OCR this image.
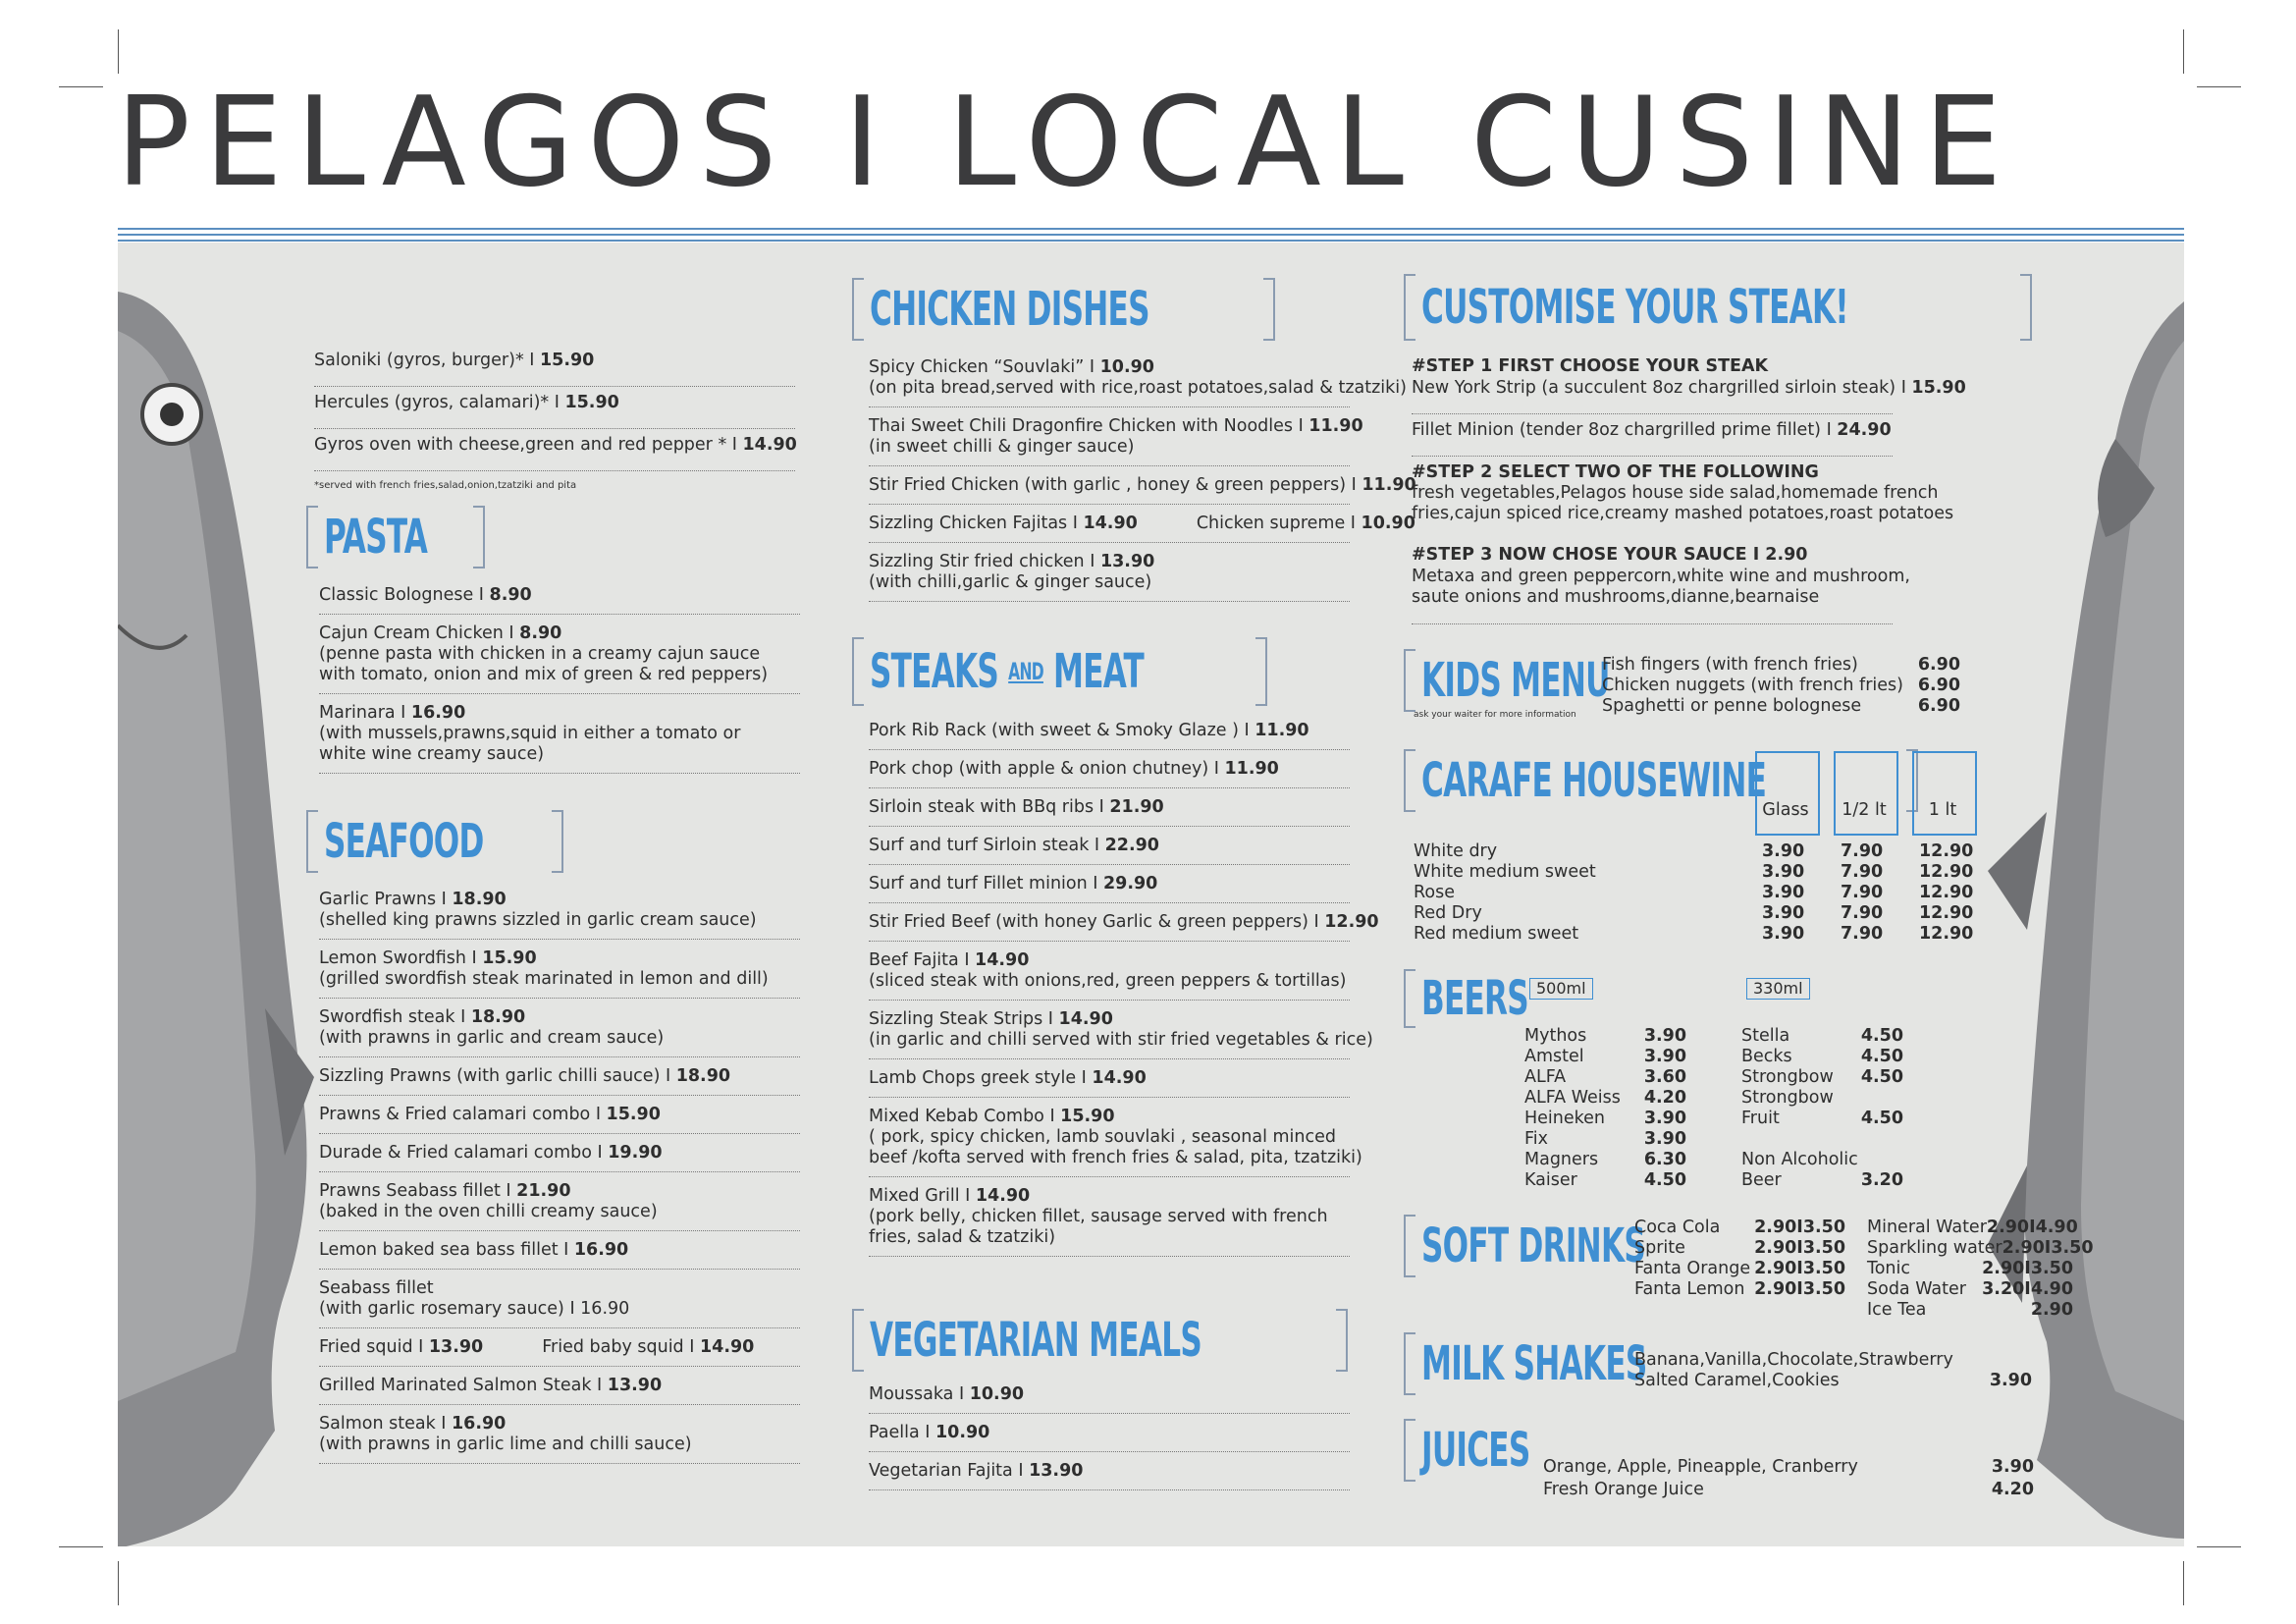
PELAGOS I LOCAL CUSINE
Saloniki (gyros, burger)* I 15.90
Hercules (gyros, calamari)* I 15.90
Gyros oven with cheese,green and red pepper * I 14.90
*served with french fries,salad,onion,tzatziki and pita
PASTA
Classic Bolognese I 8.90
Cajun Cream Chicken I 8.90
(penne pasta with chicken in a creamy cajun sauce
with tomato, onion and mix of green & red peppers)
Marinara I 16.90
(with mussels,prawns,squid in either a tomato or
white wine creamy sauce)
SEAFOOD
Garlic Prawns I 18.90
(shelled king prawns sizzled in garlic cream sauce)
Lemon Swordfish I 15.90
(grilled swordfish steak marinated in lemon and dill)
Swordfish steak I 18.90
(with prawns in garlic and cream sauce)
Sizzling Prawns (with garlic chilli sauce) I 18.90
Prawns & Fried calamari combo I 15.90
Durade & Fried calamari combo I 19.90
Prawns Seabass fillet I 21.90
(baked in the oven chilli creamy sauce)
Lemon baked sea bass fillet I 16.90
Seabass fillet
(with garlic rosemary sauce) I 16.90
Fried squid I 13.90	Fried baby squid I 14.90
Grilled Marinated Salmon Steak I 13.90
Salmon steak I 16.90
(with prawns in garlic lime and chilli sauce)
CHICKEN DISHES
Spicy Chicken “Souvlaki” I 10.90
(on pita bread,served with rice,roast potatoes,salad & tzatziki)
Thai Sweet Chili Dragonfire Chicken with Noodles I 11.90
(in sweet chilli & ginger sauce)
Stir Fried Chicken (with garlic , honey & green peppers) I 11.90
Sizzling Chicken Fajitas I 14.90	Chicken supreme I 10.90
Sizzling Stir fried chicken I 13.90
(with chilli,garlic & ginger sauce)
STEAKS AND MEAT
Pork Rib Rack (with sweet & Smoky Glaze ) I 11.90
Pork chop (with apple & onion chutney) I 11.90
Sirloin steak with BBq ribs I 21.90
Surf and turf Sirloin steak I 22.90
Surf and turf Fillet minion I 29.90
Stir Fried Beef (with honey Garlic & green peppers) I 12.90
Beef Fajita I 14.90
(sliced steak with onions,red, green peppers & tortillas)
Sizzling Steak Strips I 14.90
(in garlic and chilli served with stir fried vegetables & rice)
Lamb Chops greek style I 14.90
Mixed Kebab Combo I 15.90
( pork, spicy chicken, lamb souvlaki , seasonal minced
beef /kofta served with french fries & salad, pita, tzatziki)
Mixed Grill I 14.90
(pork belly, chicken fillet, sausage served with french
fries, salad & tzatziki)
VEGETARIAN MEALS
Moussaka I 10.90
Paella I 10.90
Vegetarian Fajita I 13.90
CUSTOMISE YOUR STEAK!
#STEP 1 FIRST CHOOSE YOUR STEAK
New York Strip (a succulent 8oz chargrilled sirloin steak) I 15.90
Fillet Minion (tender 8oz chargrilled prime fillet) I 24.90
#STEP 2 SELECT TWO OF THE FOLLOWING
fresh vegetables,Pelagos house side salad,homemade french
fries,cajun spiced rice,creamy mashed potatoes,roast potatoes
#STEP 3 NOW CHOSE YOUR SAUCE I 2.90
Metaxa and green peppercorn,white wine and mushroom,
saute onions and mushrooms,dianne,bearnaise
KIDS MENU
ask your waiter for more information
Fish fingers (with french fries)	6.90
Chicken nuggets (with french fries) 6.90
Spaghetti or penne bolognese	6.90
CARAFE HOUSEWINE
Glass	1/2 lt	1 lt
White dry	3.90 7.90 12.90
White medium sweet	3.90 7.90 12.90
Rose	3.90 7.90 12.90
Red Dry	3.90 7.90 12.90
Red medium sweet	3.90 7.90 12.90
BEERS 500ml	330ml
Mythos	3.90
Amstel	3.90
ALFA	3.60
ALFA Weiss 4.20
Heineken 3.90
Fix	3.90
Magners	6.30
Kaiser	4.50
Stella	4.50
Becks	4.50
Strongbow 4.50
Strongbow
Fruit	4.50
Non Alcoholic
Beer	3.20
SOFT DRINKS
Coca Cola 2.90I3.50
Sprite	2.90I3.50
Fanta Orange 2.90I3.50
Fanta Lemon 2.90I3.50
Mineral Water 2.90I4.90
Sparkling water 2.90I3.50
Tonic	2.90I3.50
Soda Water 3.20I4.90
Ice Tea	2.90
MILK SHAKES
Banana,Vanilla,Chocolate,Strawberry
Salted Caramel,Cookies	3.90
JUICES Orange, Apple, Pineapple, Cranberry	3.90
Fresh Orange Juice	4.20
